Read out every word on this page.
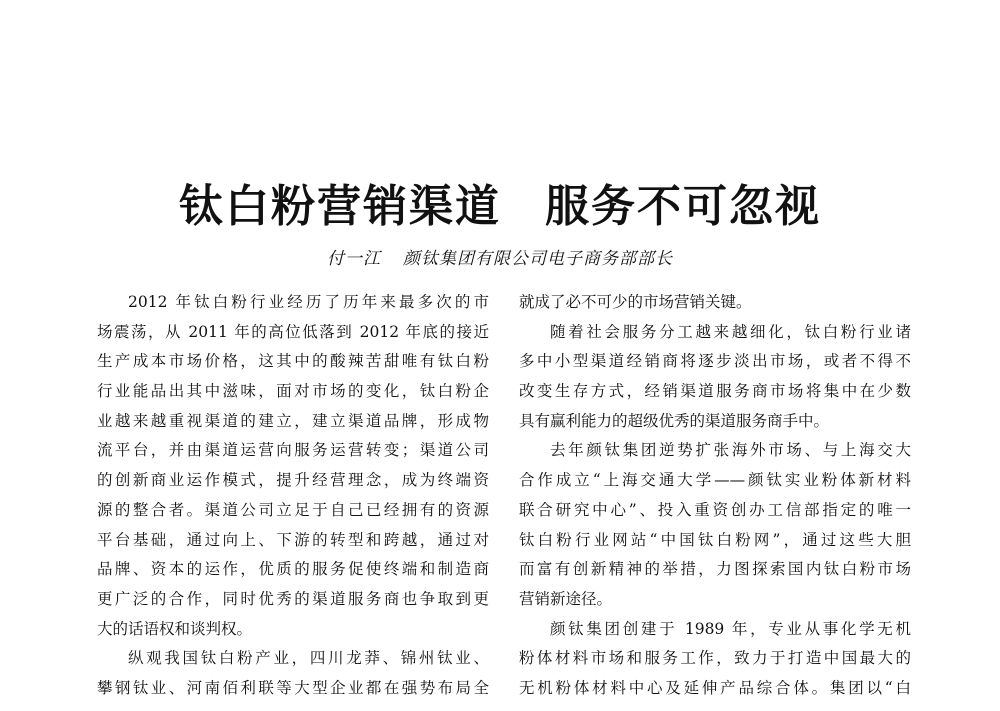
钛白粉营销渠道 服务不可忽视

付一江 颜钛集团有限公司电子商务部部长

2012 年钛白粉行业经历了历年来最多次的市
场震荡，从 2011 年的高位低落到 2012 年底的接近
生产成本市场价格，这其中的酸辣苦甜唯有钛白粉
行业能品出其中滋味，面对市场的变化，钛白粉企
业越来越重视渠道的建立，建立渠道品牌，形成物
流平台，并由渠道运营向服务运营转变；渠道公司
的创新商业运作模式，提升经营理念，成为终端资
源的整合者。渠道公司立足于自己已经拥有的资源
平台基础，通过向上、下游的转型和跨越，通过对
品牌、资本的运作，优质的服务促使终端和制造商
更广泛的合作，同时优秀的渠道服务商也争取到更
大的话语权和谈判权。
纵观我国钛白粉产业，四川龙莽、锦州钛业、
攀钢钛业、河南佰利联等大型企业都在强势布局全
就成了必不可少的市场营销关键。
随着社会服务分工越来越细化，钛白粉行业诸
多中小型渠道经销商将逐步淡出市场，或者不得不
改变生存方式，经销渠道服务商市场将集中在少数
具有赢利能力的超级优秀的渠道服务商手中。
去年颜钛集团逆势扩张海外市场、与上海交大
合作成立“上海交通大学——颜钛实业粉体新材料
联合研究中心”、投入重资创办工信部指定的唯一
钛白粉行业网站“中国钛白粉网”，通过这些大胆
而富有创新精神的举措，力图探索国内钛白粉市场
营销新途径。
颜钛集团创建于 1989 年，专业从事化学无机
粉体材料市场和服务工作，致力于打造中国最大的
无机粉体材料中心及延伸产品综合体。集团以“白
